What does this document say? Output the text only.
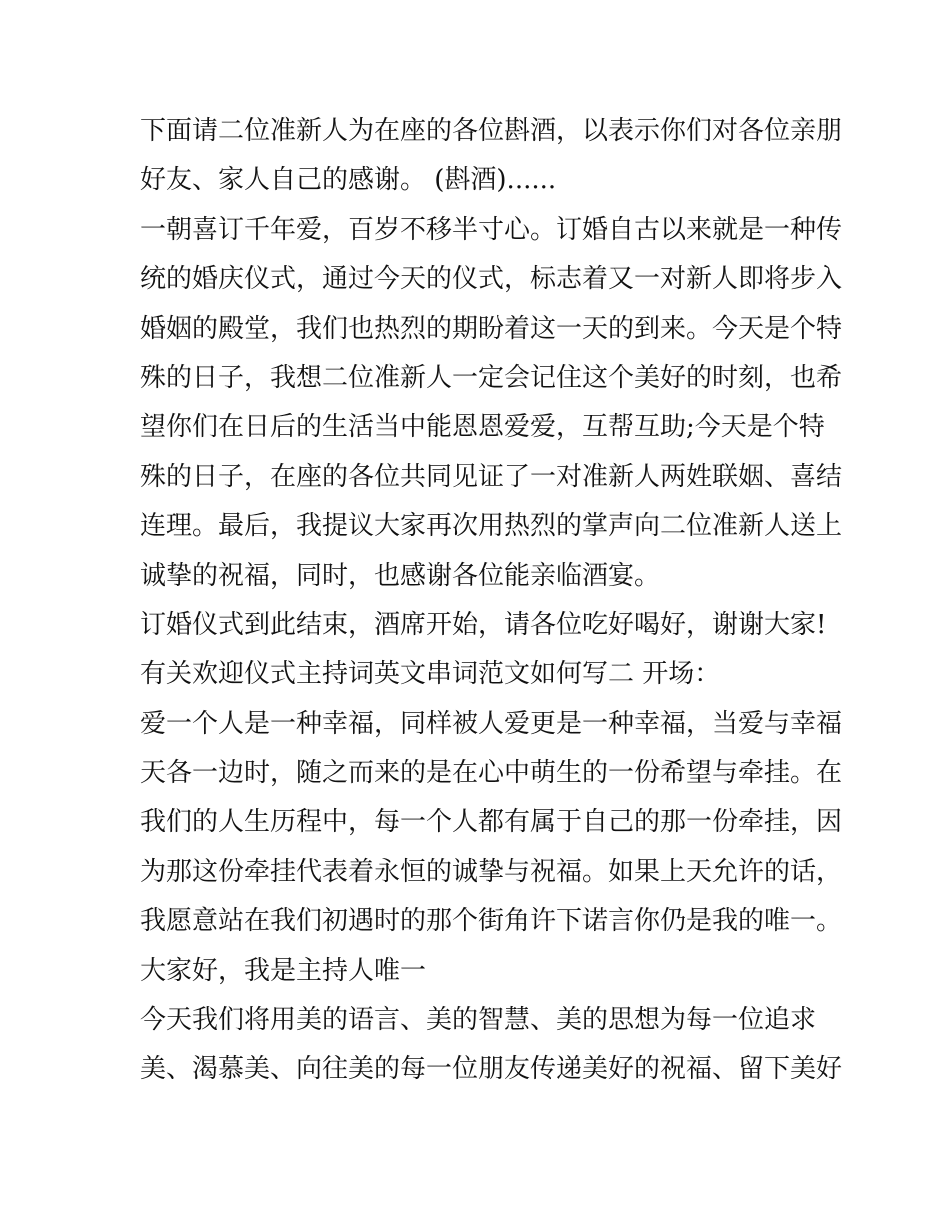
下面请二位准新人为在座的各位斟酒，以表示你们对各位亲朋
好友、家人自己的感谢。 (斟酒)......
一朝喜订千年爱，百岁不移半寸心。订婚自古以来就是一种传
统的婚庆仪式，通过今天的仪式，标志着又一对新人即将步入
婚姻的殿堂，我们也热烈的期盼着这一天的到来。今天是个特
殊的日子，我想二位准新人一定会记住这个美好的时刻，也希
望你们在日后的生活当中能恩恩爱爱，互帮互助;今天是个特
殊的日子，在座的各位共同见证了一对准新人两姓联姻、喜结
连理。最后，我提议大家再次用热烈的掌声向二位准新人送上
诚挚的祝福，同时，也感谢各位能亲临酒宴。
订婚仪式到此结束，酒席开始，请各位吃好喝好，谢谢大家!
有关欢迎仪式主持词英文串词范文如何写二 开场：
爱一个人是一种幸福，同样被人爱更是一种幸福，当爱与幸福
天各一边时，随之而来的是在心中萌生的一份希望与牵挂。在
我们的人生历程中，每一个人都有属于自己的那一份牵挂，因
为那这份牵挂代表着永恒的诚挚与祝福。如果上天允许的话，
我愿意站在我们初遇时的那个街角许下诺言你仍是我的唯一。
大家好，我是主持人唯一
今天我们将用美的语言、美的智慧、美的思想为每一位追求
美、渴慕美、向往美的每一位朋友传递美好的祝福、留下美好
